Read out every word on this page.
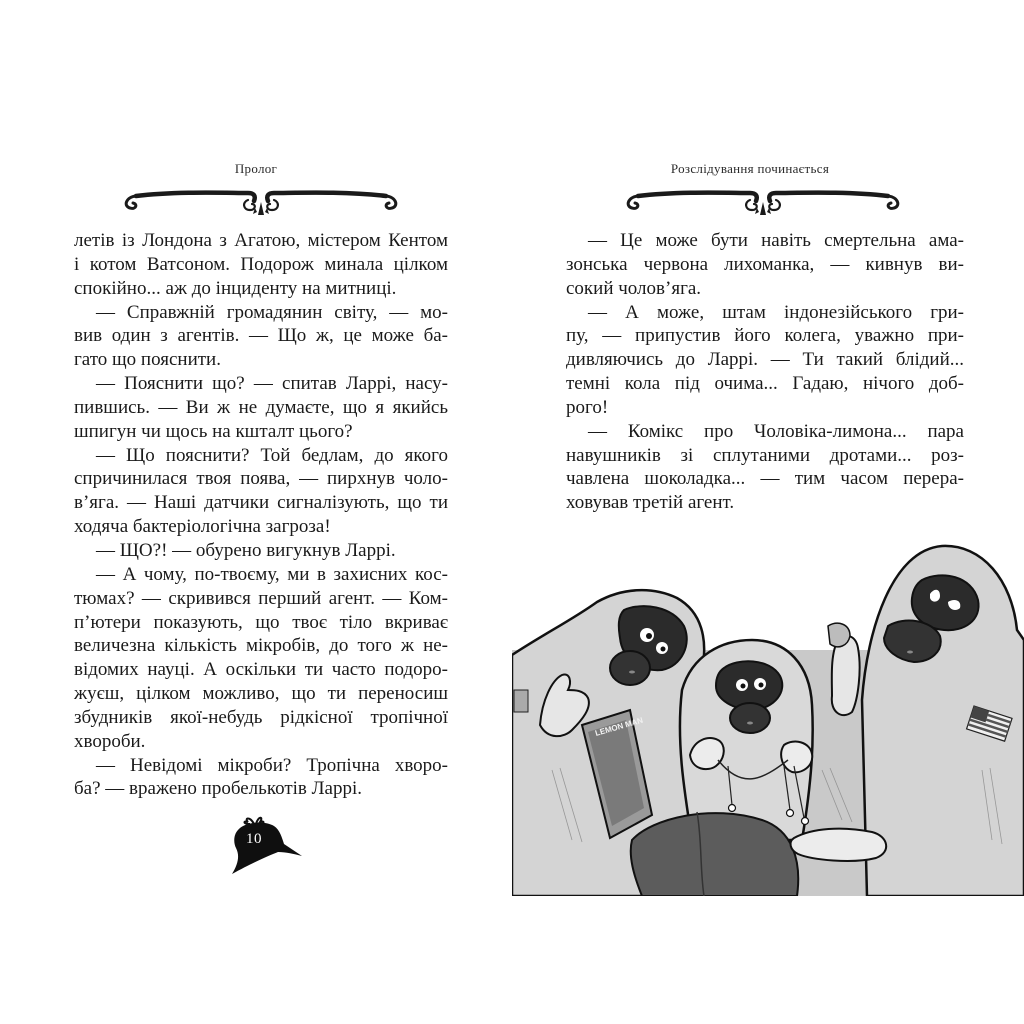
Пролог
летів із Лондона з Агатою, містером Кентом
і котом Ватсоном. Подорож минала цілком
спокійно... аж до інциденту на митниці.
— Справжній громадянин світу, — мо-
вив один з агентів. — Що ж, це може ба-
гато що пояснити.
— Пояснити що? — спитав Ларрі, насу-
пившись. — Ви ж не думаєте, що я якийсь
шпигун чи щось на кшталт цього?
— Що пояснити? Той бедлам, до якого
спричинилася твоя поява, — пирхнув чоло-
в’яга. — Наші датчики сигналізують, що ти
ходяча бактеріологічна загроза!
— ЩО?! — обурено вигукнув Ларрі.
— А чому, по-твоєму, ми в захисних кос-
тюмах? — скривився перший агент. — Ком-
п’ютери показують, що твоє тіло вкриває
величезна кількість мікробів, до того ж не-
відомих науці. А оскільки ти часто подоро-
жуєш, цілком можливо, що ти переносиш
збудників якої-небудь рідкісної тропічної
хвороби.
— Невідомі мікроби? Тропічна хворо-
ба? — вражено пробелькотів Ларрі.
10
Розслідування починається
— Це може бути навіть смертельна ама-
зонська червона лихоманка, — кивнув ви-
сокий чолов’яга.
— А може, штам індонезійського гри-
пу, — припустив його колега, уважно при-
дивляючись до Ларрі. — Ти такий блідий...
темні кола під очима... Гадаю, нічого доб-
рого!
— Комікс про Чоловіка-лимона... пара
навушників зі сплутаними дротами... роз-
чавлена шоколадка... — тим часом перера-
ховував третій агент.
LEMON MAN
